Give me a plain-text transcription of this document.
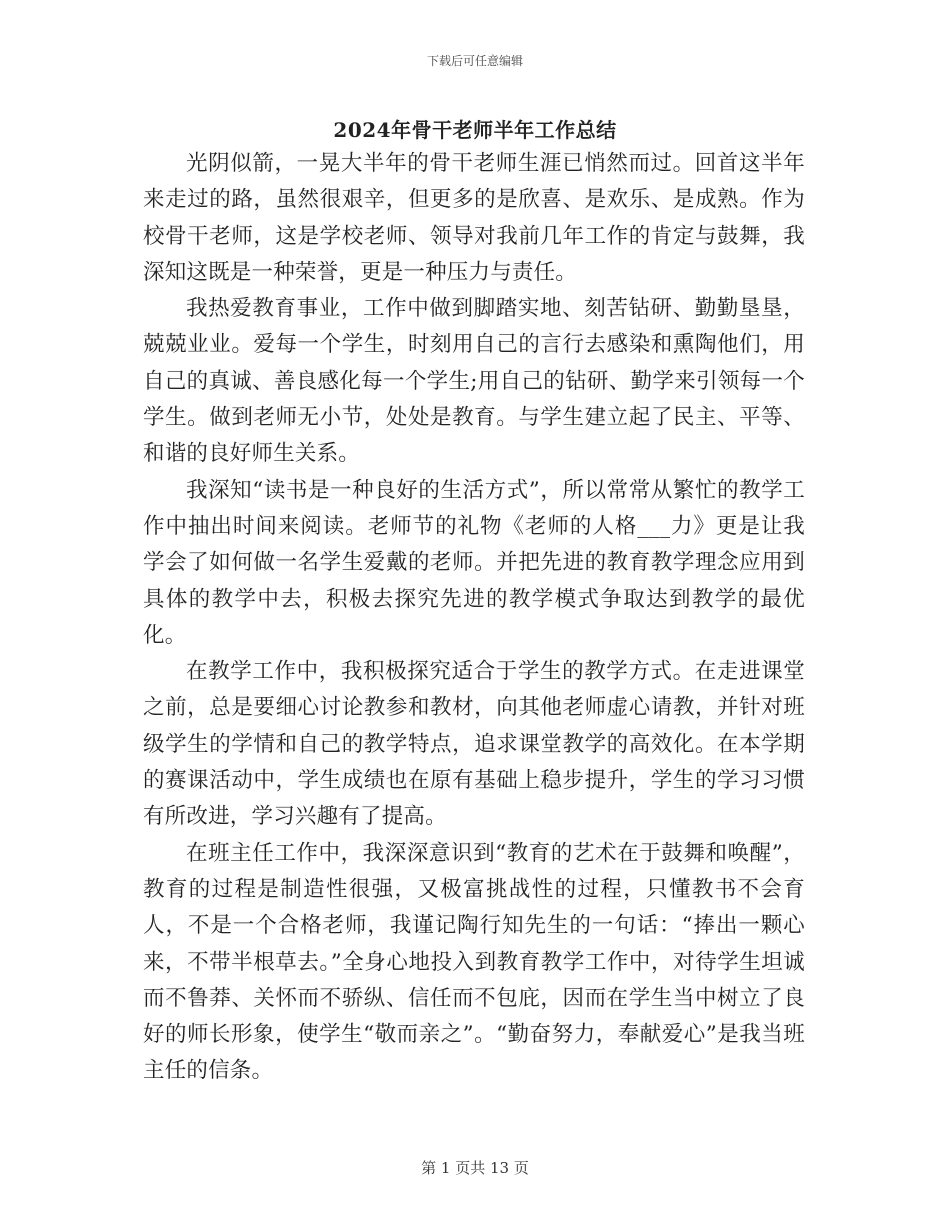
下载后可任意编辑
2024年骨干老师半年工作总结

光阴似箭，一晃大半年的骨干老师生涯已悄然而过。回首这半年来走过的路，虽然很艰辛，但更多的是欣喜、是欢乐、是成熟。作为校骨干老师，这是学校老师、领导对我前几年工作的肯定与鼓舞，我深知这既是一种荣誉，更是一种压力与责任。

我热爱教育事业，工作中做到脚踏实地、刻苦钻研、勤勤垦垦，兢兢业业。爱每一个学生，时刻用自己的言行去感染和熏陶他们，用自己的真诚、善良感化每一个学生;用自己的钻研、勤学来引领每一个学生。做到老师无小节，处处是教育。与学生建立起了民主、平等、和谐的良好师生关系。

我深知“读书是一种良好的生活方式”，所以常常从繁忙的教学工作中抽出时间来阅读。老师节的礼物《老师的人格___力》更是让我学会了如何做一名学生爱戴的老师。并把先进的教育教学理念应用到具体的教学中去，积极去探究先进的教学模式争取达到教学的最优化。

在教学工作中，我积极探究适合于学生的教学方式。在走进课堂之前，总是要细心讨论教参和教材，向其他老师虚心请教，并针对班级学生的学情和自己的教学特点，追求课堂教学的高效化。在本学期的赛课活动中，学生成绩也在原有基础上稳步提升，学生的学习习惯有所改进，学习兴趣有了提高。

在班主任工作中，我深深意识到“教育的艺术在于鼓舞和唤醒”，教育的过程是制造性很强，又极富挑战性的过程，只懂教书不会育人，不是一个合格老师，我谨记陶行知先生的一句话：“捧出一颗心来，不带半根草去。”全身心地投入到教育教学工作中，对待学生坦诚而不鲁莽、关怀而不骄纵、信任而不包庇，因而在学生当中树立了良好的师长形象，使学生“敬而亲之”。“勤奋努力，奉献爱心”是我当班主任的信条。

第 1 页共 13 页
